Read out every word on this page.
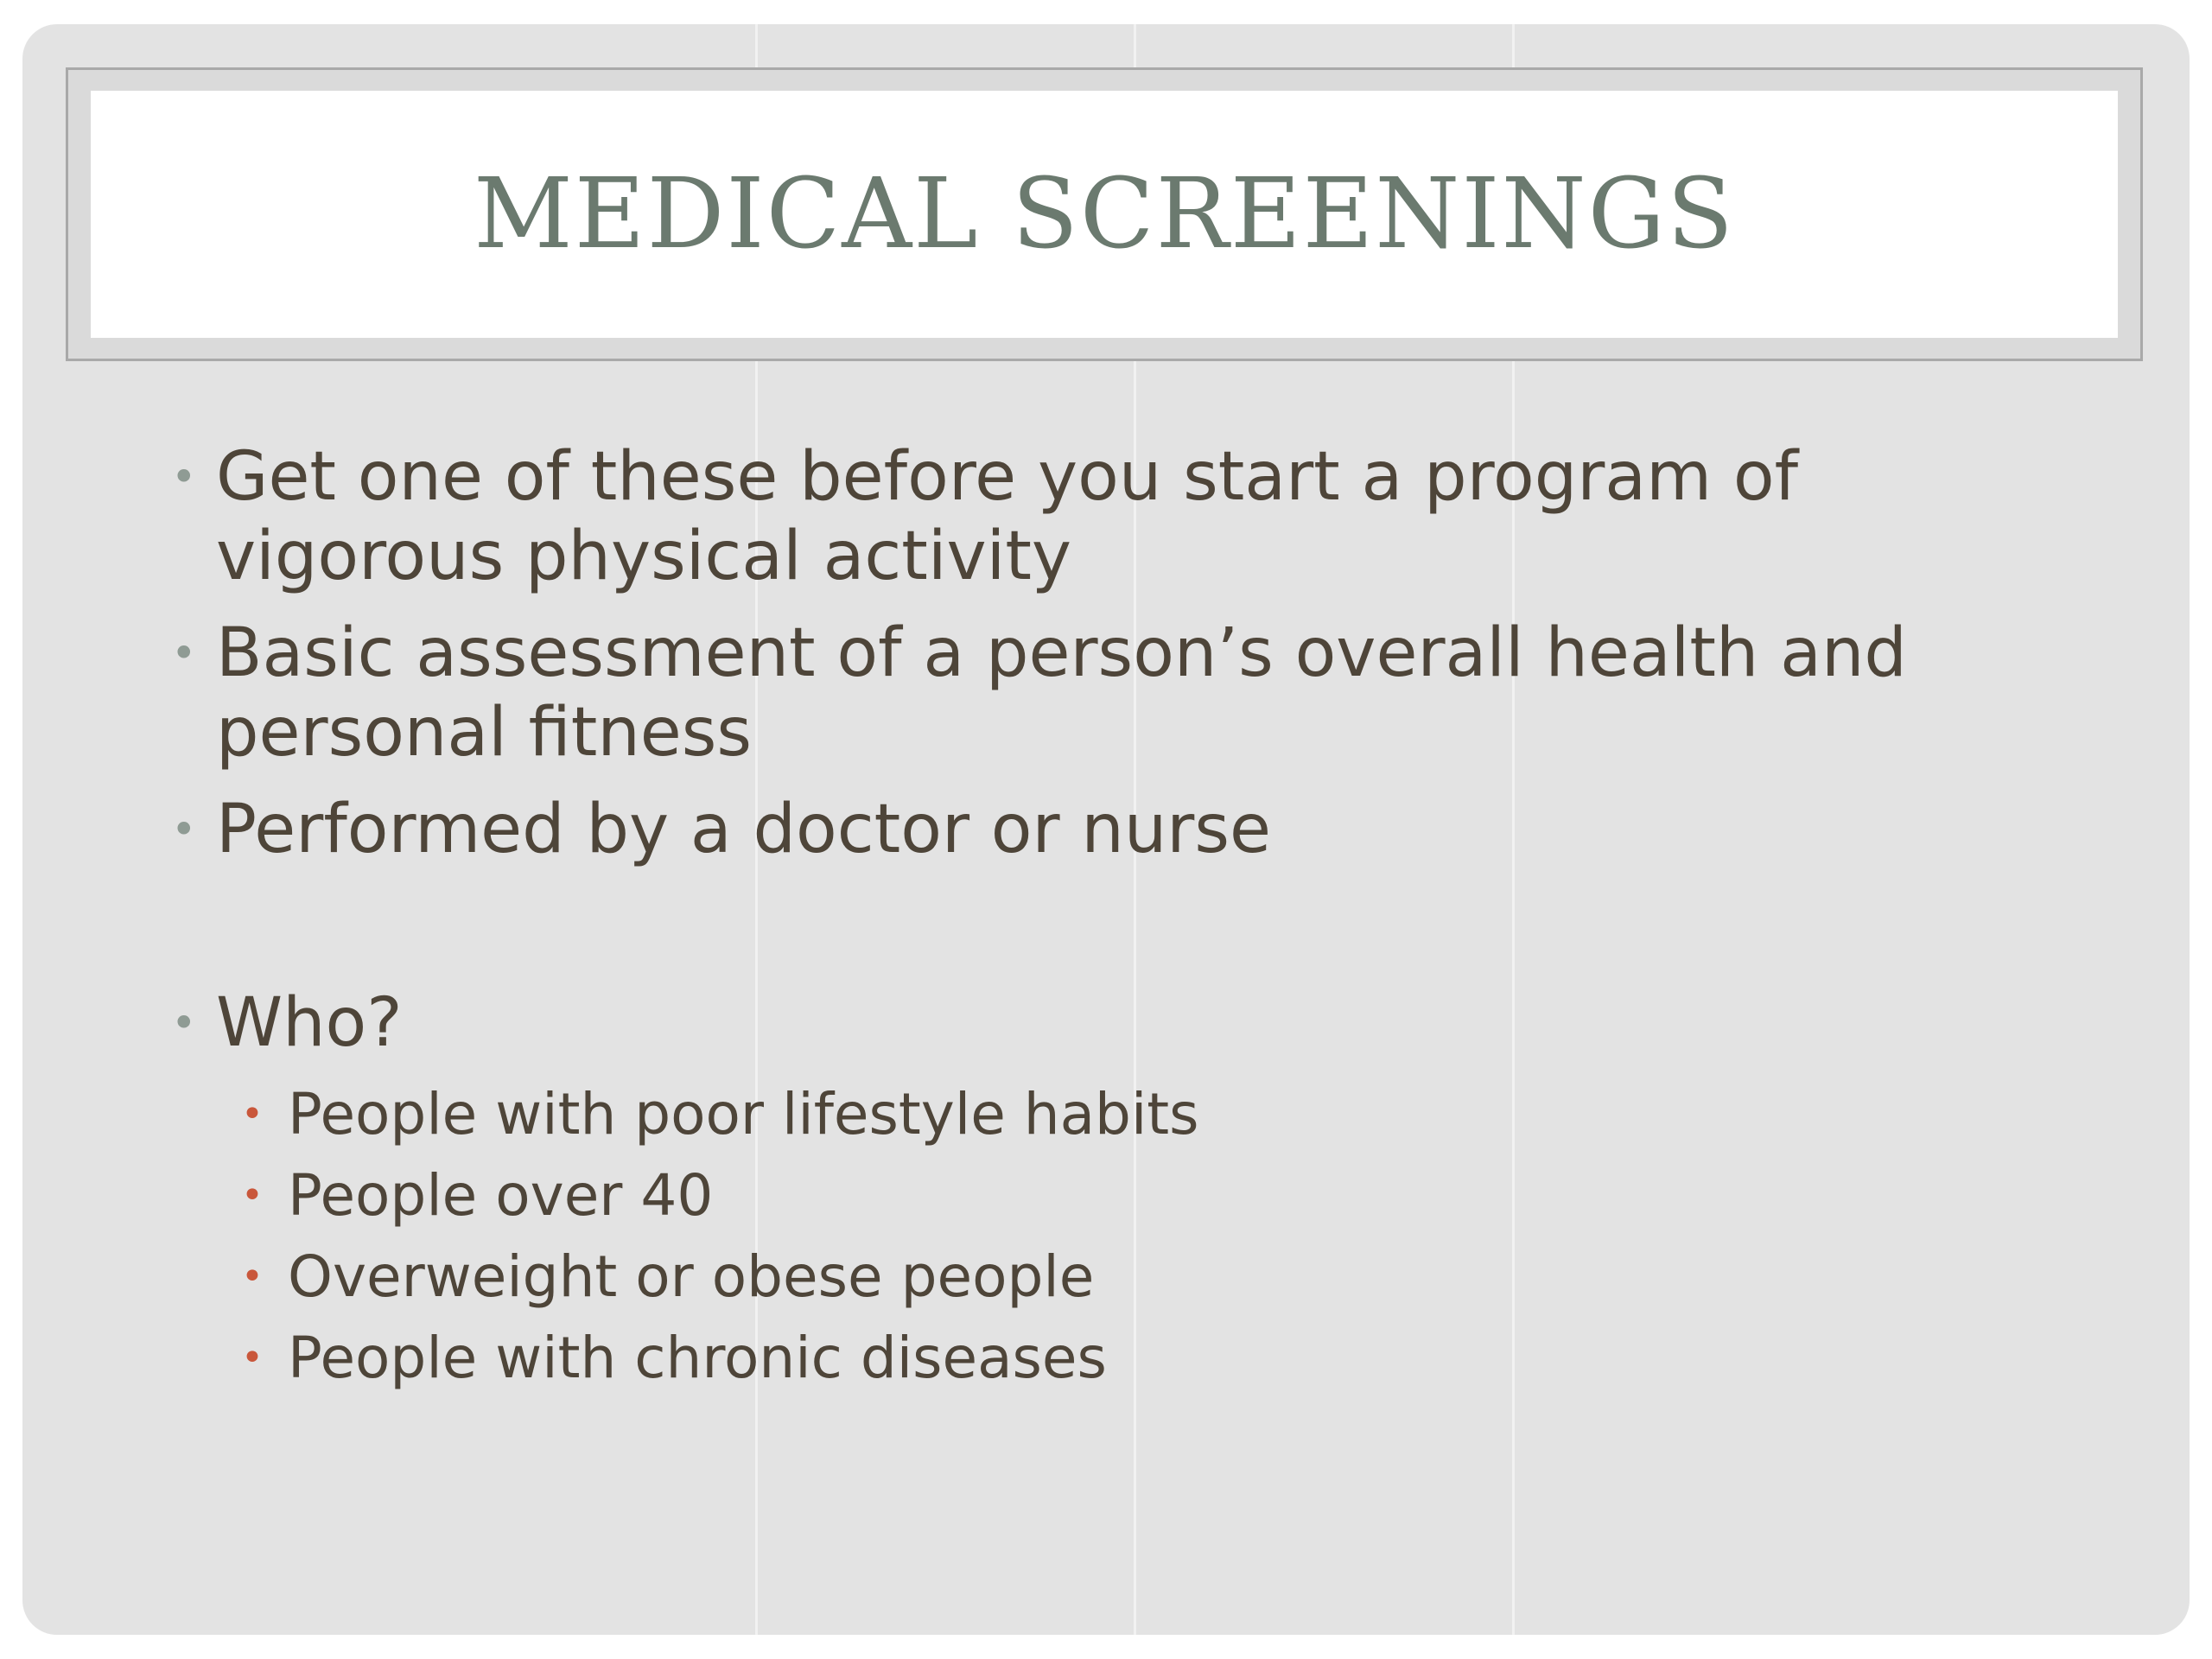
MEDICAL SCREENINGS
• Get one of these before you start a program of vigorous physical activity
• Basic assessment of a person’s overall health and personal fitness
• Performed by a doctor or nurse
• Who?
• People with poor lifestyle habits
• People over 40
• Overweight or obese people
• People with chronic diseases
